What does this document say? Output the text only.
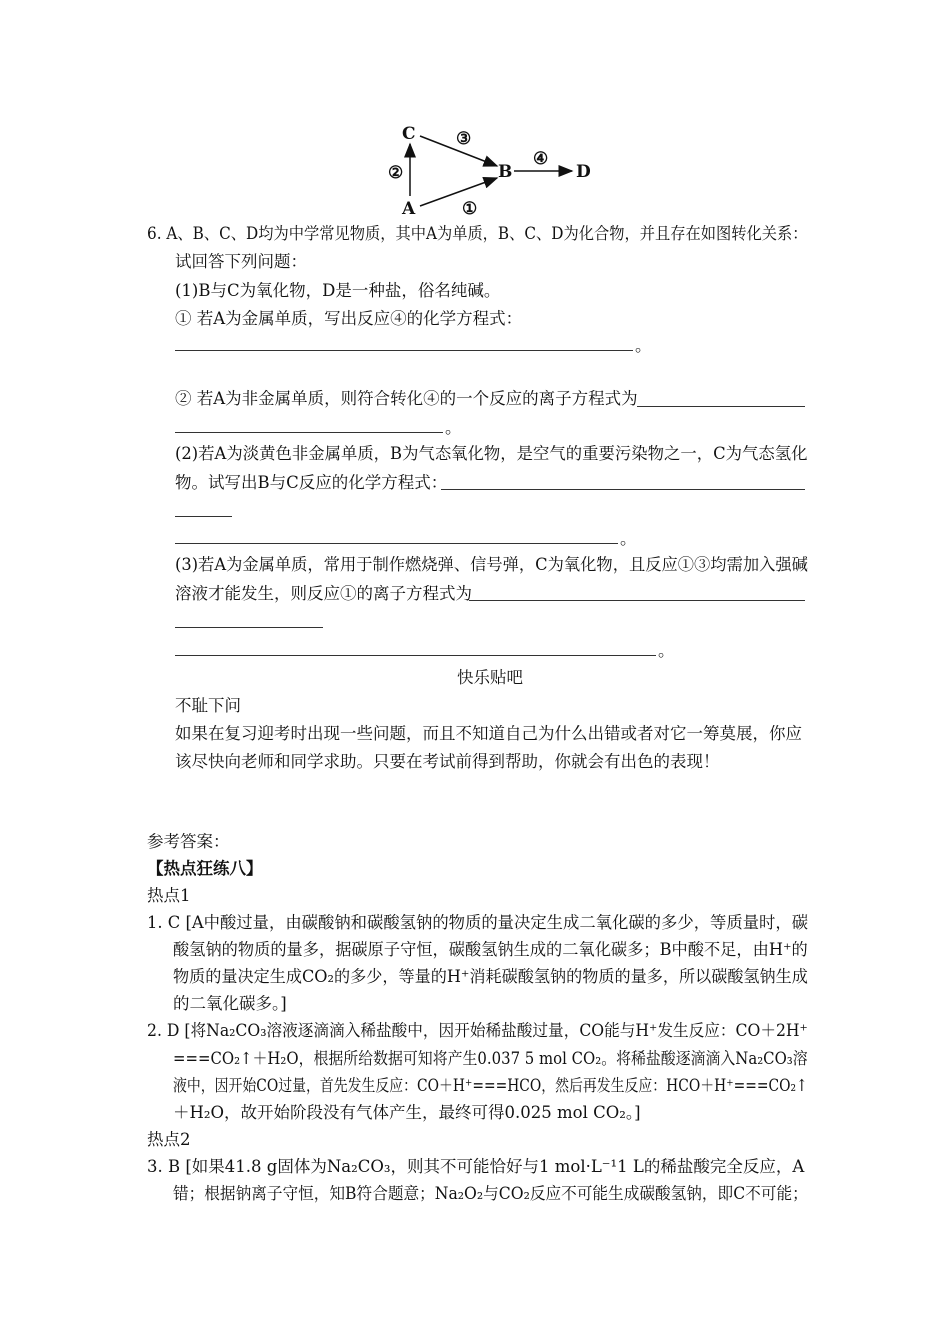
C
A
B	D
③
②
①
④
6. A、B、C、D均为中学常见物质，其中A为单质，B、C、D为化合物，并且存在如图转化关系：
试回答下列问题：
(1)B与C为氧化物，D是一种盐，俗名纯碱。
① 若A为金属单质，写出反应④的化学方程式：
。
② 若A为非金属单质，则符合转化④的一个反应的离子方程式为
。
(2)若A为淡黄色非金属单质，B为气态氧化物，是空气的重要污染物之一，C为气态氢化
物。试写出B与C反应的化学方程式：
。
(3)若A为金属单质，常用于制作燃烧弹、信号弹，C为氧化物，且反应①③均需加入强碱
溶液才能发生，则反应①的离子方程式为
。
快乐贴吧
不耻下问
如果在复习迎考时出现一些问题，而且不知道自己为什么出错或者对它一筹莫展，你应
该尽快向老师和同学求助。只要在考试前得到帮助，你就会有出色的表现！
参考答案：
【热点狂练八】
热点1
1. C [A中酸过量，由碳酸钠和碳酸氢钠的物质的量决定生成二氧化碳的多少，等质量时，碳
酸氢钠的物质的量多，据碳原子守恒，碳酸氢钠生成的二氧化碳多；B中酸不足，由H⁺的
物质的量决定生成CO₂的多少，等量的H⁺消耗碳酸氢钠的物质的量多，所以碳酸氢钠生成
的二氧化碳多。]
2. D [将Na₂CO₃溶液逐滴滴入稀盐酸中，因开始稀盐酸过量，CO能与H⁺发生反应：CO＋2H⁺
===CO₂↑＋H₂O，根据所给数据可知将产生0.037 5 mol CO₂。将稀盐酸逐滴滴入Na₂CO₃溶
液中，因开始CO过量，首先发生反应：CO＋H⁺===HCO，然后再发生反应：HCO＋H⁺===CO₂↑
＋H₂O，故开始阶段没有气体产生，最终可得0.025 mol CO₂。]
热点2
3. B [如果41.8 g固体为Na₂CO₃，则其不可能恰好与1 mol·L⁻¹1 L的稀盐酸完全反应，A
错；根据钠离子守恒，知B符合题意；Na₂O₂与CO₂反应不可能生成碳酸氢钠，即C不可能；
